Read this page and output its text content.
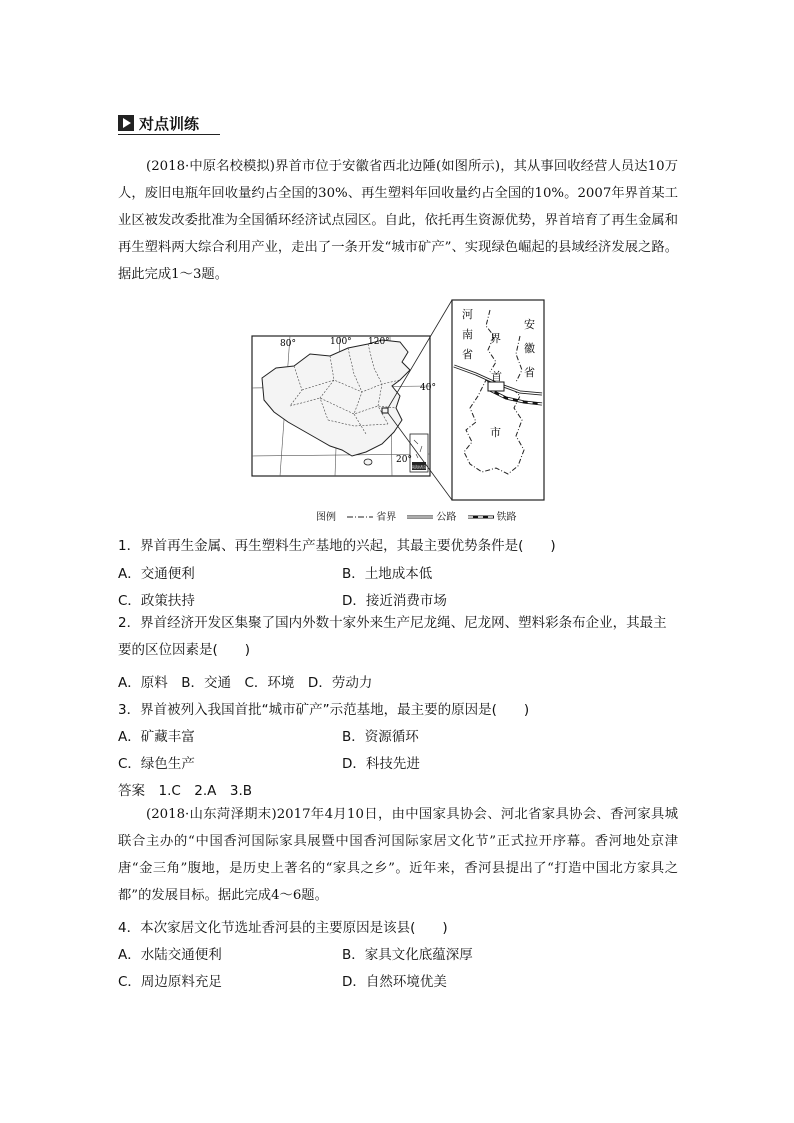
对点训练
(2018·中原名校模拟)界首市位于安徽省西北边陲(如图所示)，其从事回收经营人员达10万人，废旧电瓶年回收量约占全国的30%、再生塑料年回收量约占全国的10%。2007年界首某工业区被发改委批准为全国循环经济试点园区。自此，依托再生资源优势，界首培育了再生金属和再生塑料两大综合利用产业，走出了一条开发“城市矿产”、实现绿色崛起的县域经济发展之路。据此完成1～3题。
南海诸岛
80°	100° 120°
40°
20°
河
南
省
安
徽
省
界
首
市
图例	省界	公路	铁路
1．界首再生金属、再生塑料生产基地的兴起，其最主要优势条件是(　　)
A．交通便利	B．土地成本低
C．政策扶持	D．接近消费市场
2．界首经济开发区集聚了国内外数十家外来生产尼龙绳、尼龙网、塑料彩条布企业，其最主要的区位因素是(　　)
A．原料　B．交通　C．环境　D．劳动力
3．界首被列入我国首批“城市矿产”示范基地，最主要的原因是(　　)
A．矿藏丰富	B．资源循环
C．绿色生产	D．科技先进
答案　1.C　2.A　3.B
(2018·山东菏泽期末)2017年4月10日，由中国家具协会、河北省家具协会、香河家具城联合主办的“中国香河国际家具展暨中国香河国际家居文化节”正式拉开序幕。香河地处京津唐“金三角”腹地，是历史上著名的“家具之乡”。近年来，香河县提出了“打造中国北方家具之都”的发展目标。据此完成4～6题。
4．本次家居文化节选址香河县的主要原因是该县(　　)
A．水陆交通便利	B．家具文化底蕴深厚
C．周边原料充足	D．自然环境优美
